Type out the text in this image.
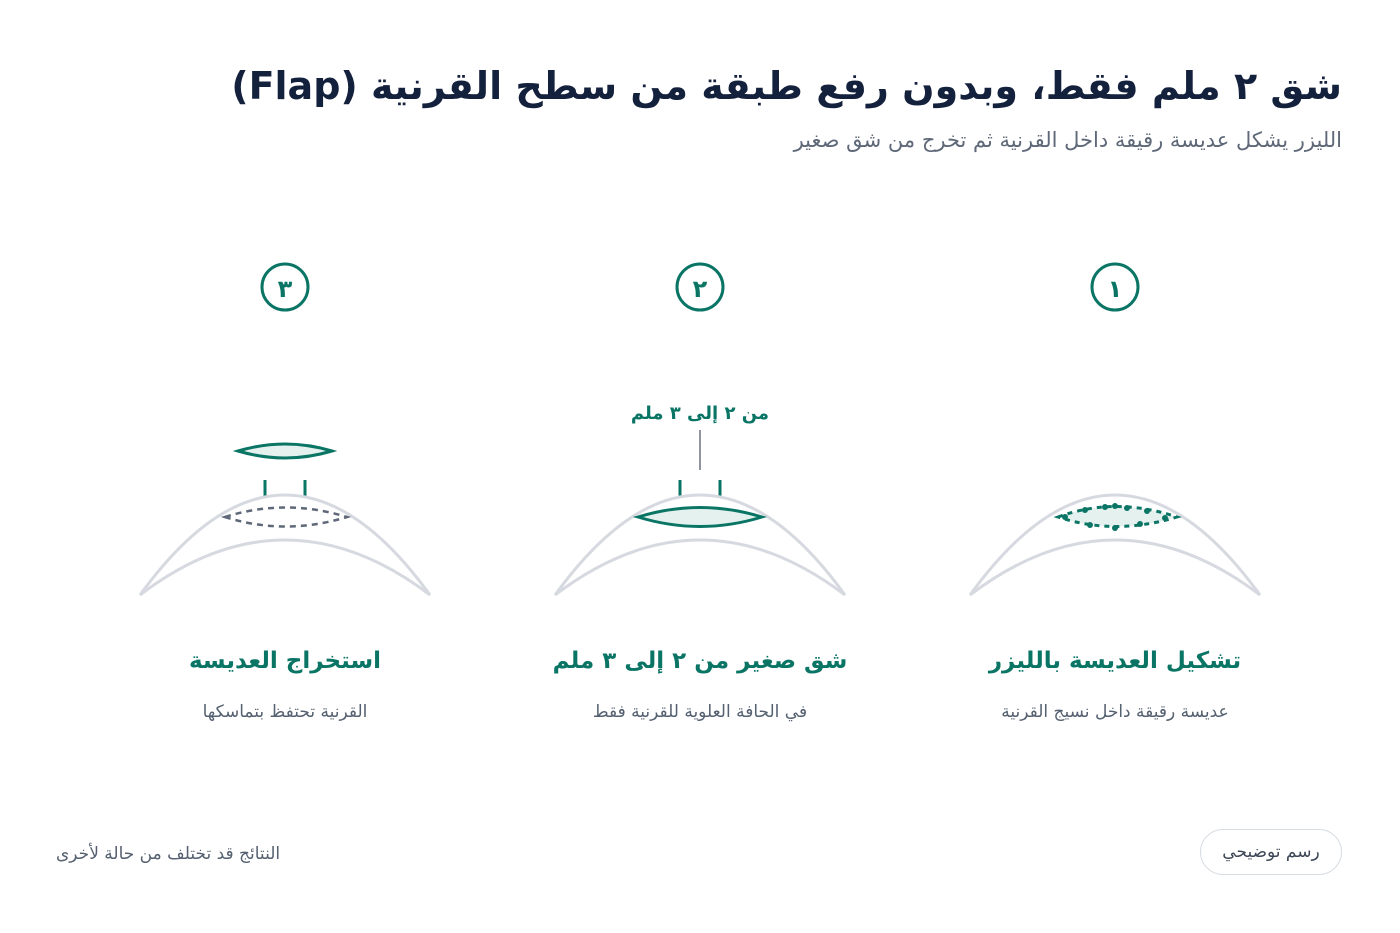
شق ٢ ملم فقط، وبدون رفع طبقة من سطح القرنية (Flap)
الليزر يشكل عديسة رقيقة داخل القرنية ثم تخرج من شق صغير
١
تشكيل العديسة بالليزر
عديسة رقيقة داخل نسيج القرنية
٢
من ٢ إلى ٣ ملم
شق صغير من ٢ إلى ٣ ملم
في الحافة العلوية للقرنية فقط
٣
استخراج العديسة
القرنية تحتفظ بتماسكها
النتائج قد تختلف من حالة لأخرى	رسم توضيحي
